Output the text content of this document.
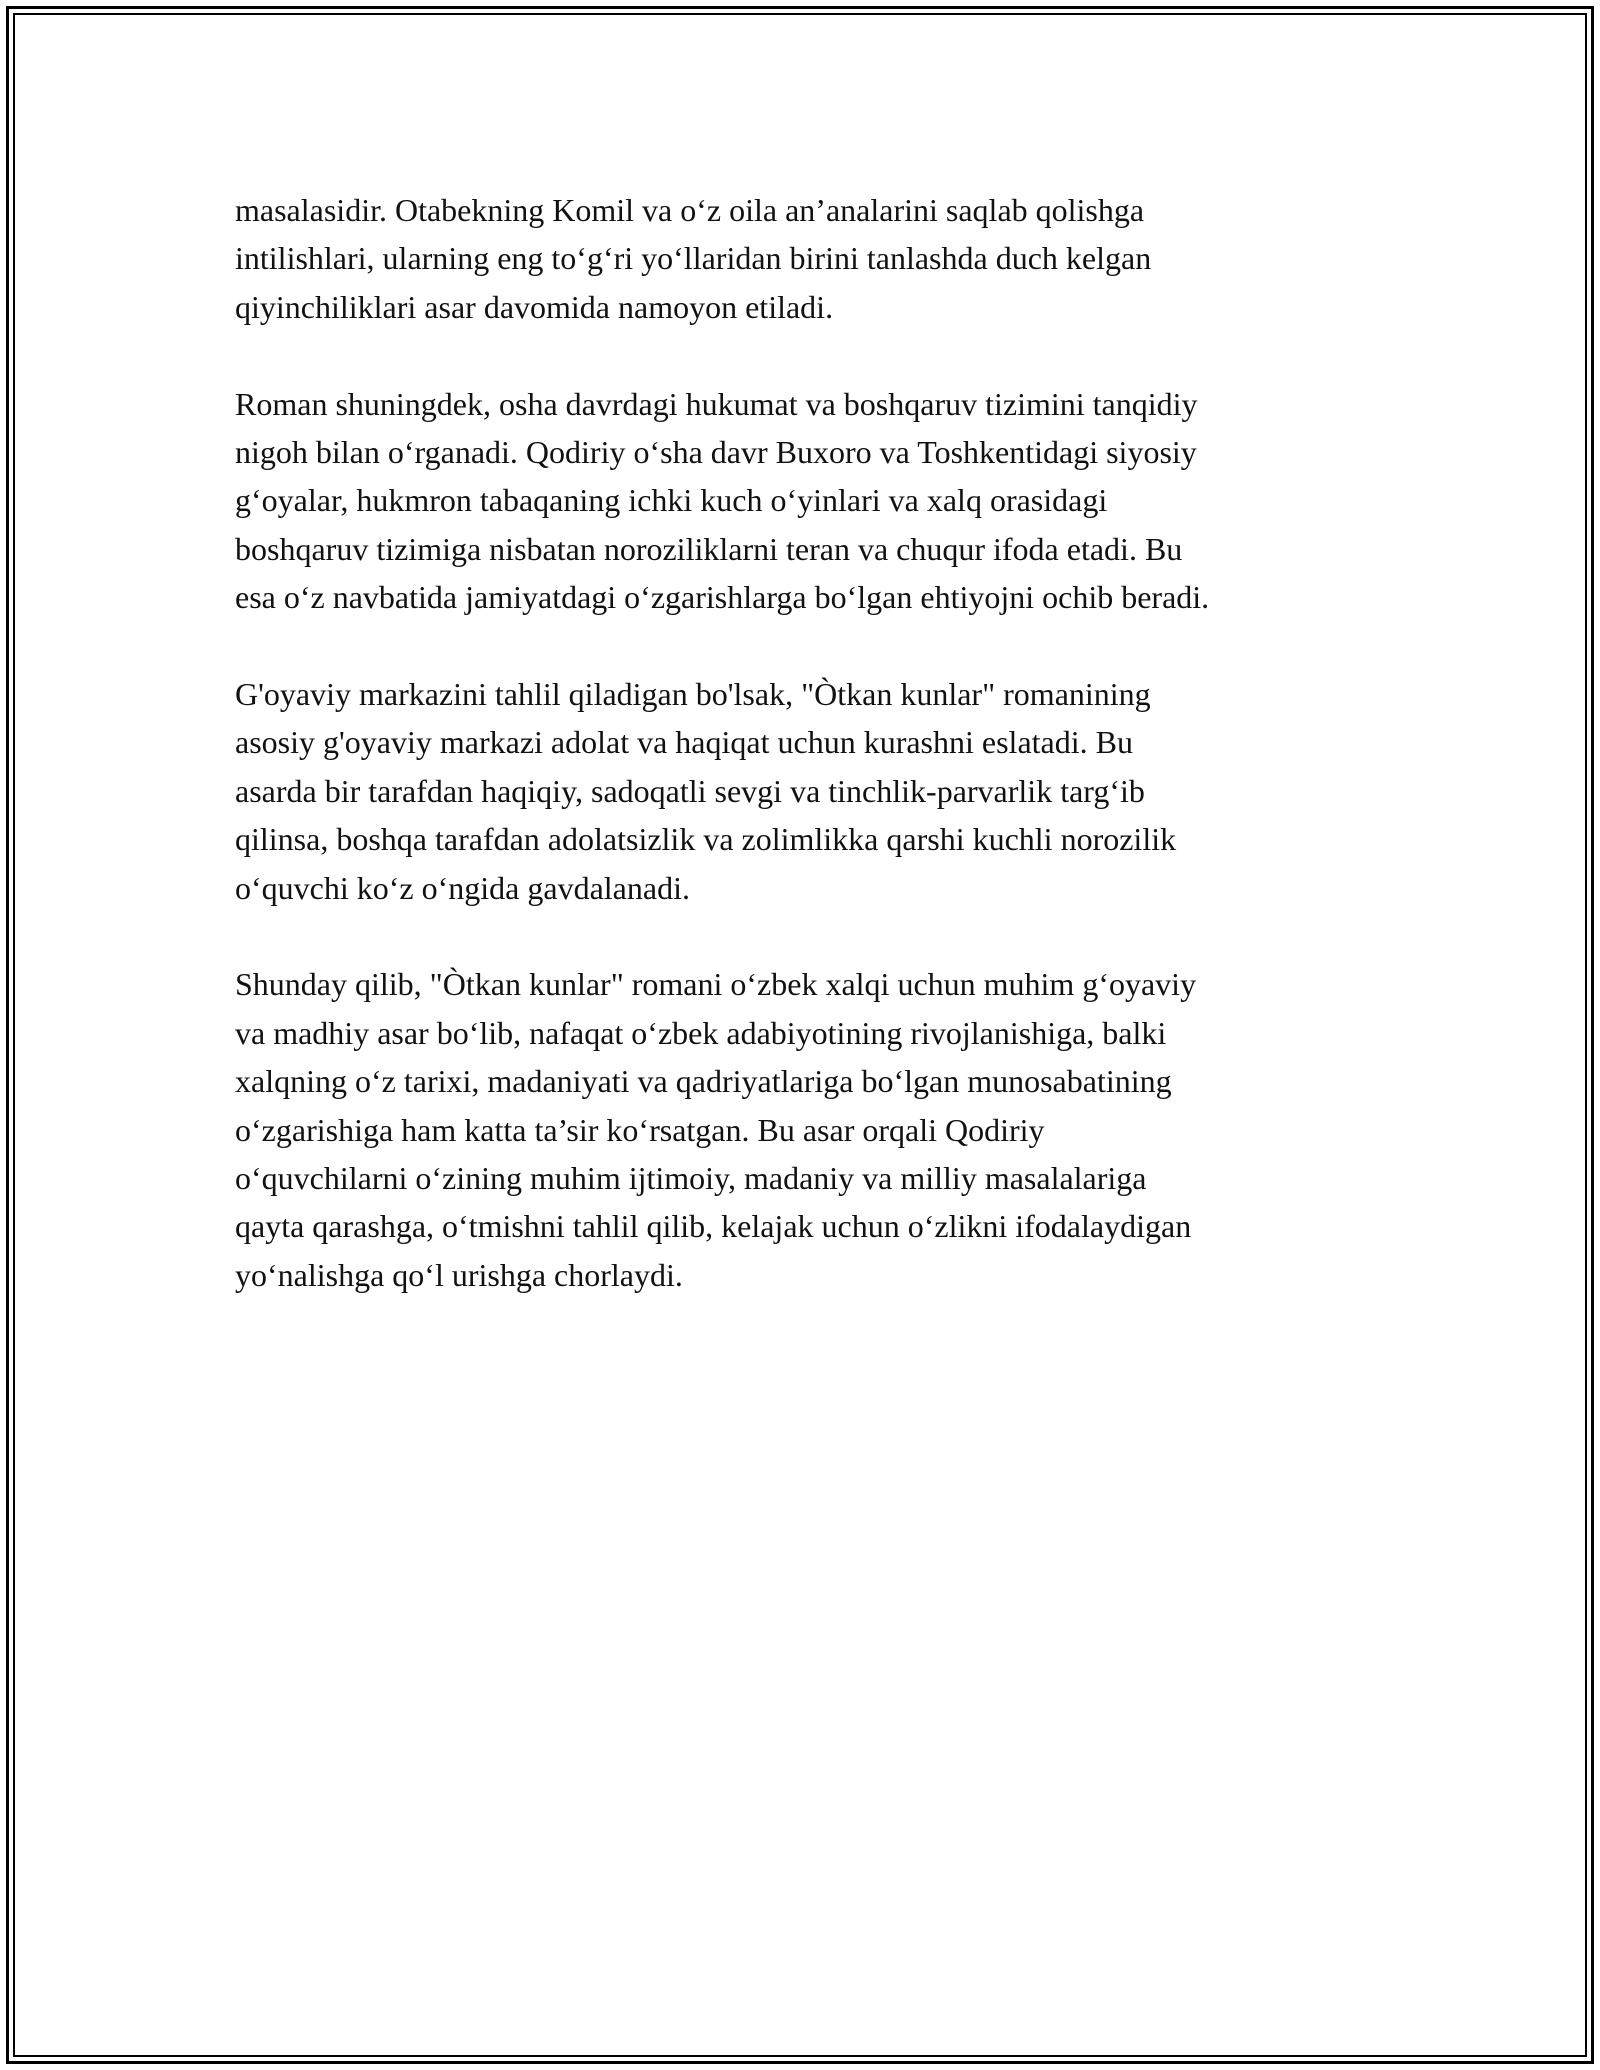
masalasidir. Otabekning Komil va o‘z oila an’analarini saqlab qolishga
intilishlari, ularning eng to‘g‘ri yo‘llaridan birini tanlashda duch kelgan
qiyinchiliklari asar davomida namoyon etiladi.

Roman shuningdek, osha davrdagi hukumat va boshqaruv tizimini tanqidiy
nigoh bilan o‘rganadi. Qodiriy o‘sha davr Buxoro va Toshkentidagi siyosiy
g‘oyalar, hukmron tabaqaning ichki kuch o‘yinlari va xalq orasidagi
boshqaruv tizimiga nisbatan noroziliklarni teran va chuqur ifoda etadi. Bu
esa o‘z navbatida jamiyatdagi o‘zgarishlarga bo‘lgan ehtiyojni ochib beradi.

G'oyaviy markazini tahlil qiladigan bo'lsak, "Òtkan kunlar" romanining
asosiy g'oyaviy markazi adolat va haqiqat uchun kurashni eslatadi. Bu
asarda bir tarafdan haqiqiy, sadoqatli sevgi va tinchlik-parvarlik targ‘ib
qilinsa, boshqa tarafdan adolatsizlik va zolimlikka qarshi kuchli norozilik
o‘quvchi ko‘z o‘ngida gavdalanadi.

Shunday qilib, "Òtkan kunlar" romani o‘zbek xalqi uchun muhim g‘oyaviy
va madhiy asar bo‘lib, nafaqat o‘zbek adabiyotining rivojlanishiga, balki
xalqning o‘z tarixi, madaniyati va qadriyatlariga bo‘lgan munosabatining
o‘zgarishiga ham katta ta’sir ko‘rsatgan. Bu asar orqali Qodiriy
o‘quvchilarni o‘zining muhim ijtimoiy, madaniy va milliy masalalariga
qayta qarashga, o‘tmishni tahlil qilib, kelajak uchun o‘zlikni ifodalaydigan
yo‘nalishga qo‘l urishga chorlaydi.
